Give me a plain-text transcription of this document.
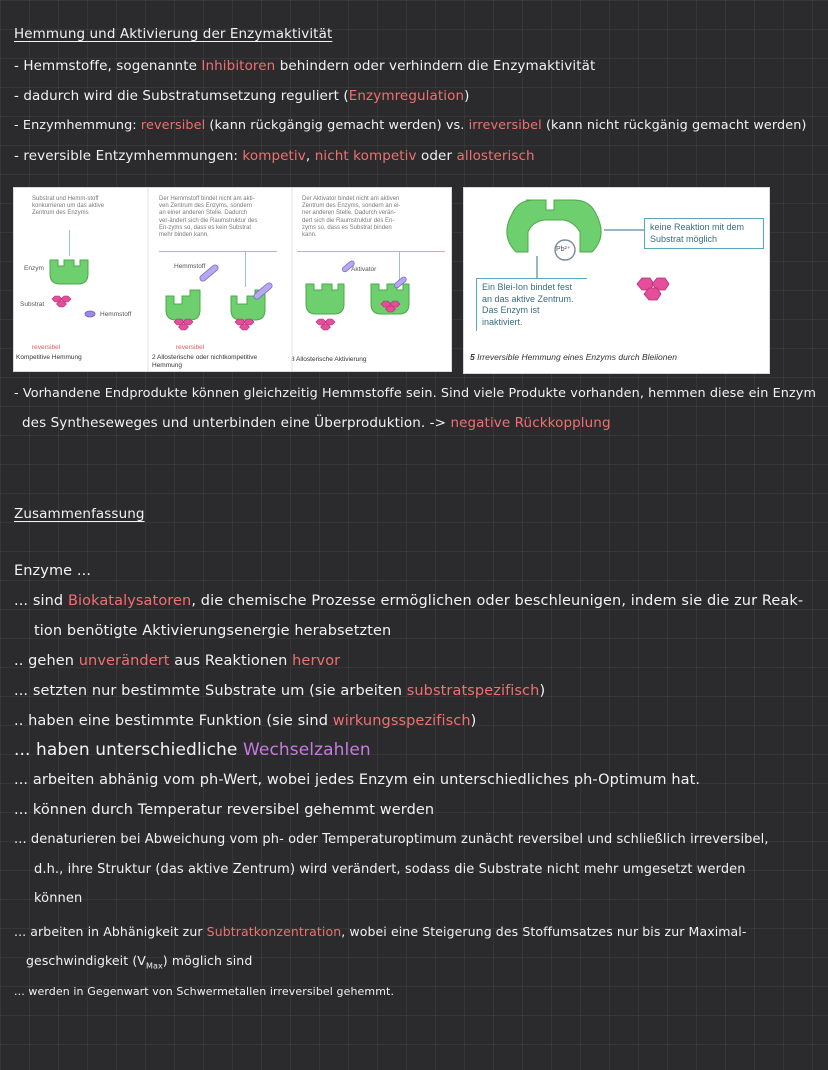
Hemmung und Aktivierung der Enzymaktivität
- Hemmstoffe, sogenannte Inhibitoren behindern oder verhindern die Enzymaktivität
- dadurch wird die Substratumsetzung reguliert (Enzymregulation)
- Enzymhemmung: reversibel (kann rückgängig gemacht werden) vs. irreversibel (kann nicht rückgänig gemacht werden)
- reversible Entzymhemmungen: kompetiv, nicht kompetiv oder allosterisch
Substrat und Hemm-stoff konkurrieren um das aktive Zentrum des Enzyms
Enzym
Substrat
Hemmstoff
reversibel
Kompetitive Hemmung
Der Hemmstoff bindet nicht am akti-ven Zentrum des Enzyms, sondern an einer anderen Stelle. Dadurch ver-ändert sich die Raumstruktur des En-zyms so, dass es kein Substrat mehr binden kann.
Hemmstoff
reversibel
2 Allosterische oder nichtkompetitive Hemmung
Der Aktivator bindet nicht am aktiven Zentrum des Enzyms, sondern an ei-ner anderen Stelle. Dadurch verän-dert sich die Raumstruktur des En-zyms so, dass es Substrat binden kann.
Aktivator
3 Allosterische Aktivierung
Pb²⁺
keine Reaktion mit dem Substrat möglich
Ein Blei-Ion bindet fest an das aktive Zentrum. Das Enzym ist inaktiviert.
5 Irreversible Hemmung eines Enzyms durch Bleiionen
- Vorhandene Endprodukte können gleichzeitig Hemmstoffe sein. Sind viele Produkte vorhanden, hemmen diese ein Enzym
des Syntheseweges und unterbinden eine Überproduktion. -> negative Rückkopplung
Zusammenfassung
Enzyme ...
... sind Biokatalysatoren, die chemische Prozesse ermöglichen oder beschleunigen, indem sie die zur Reak-
tion benötigte Aktivierungsenergie herabsetzten
.. gehen unverändert aus Reaktionen hervor
... setzten nur bestimmte Substrate um (sie arbeiten substratspezifisch)
.. haben eine bestimmte Funktion (sie sind wirkungsspezifisch)
... haben unterschiedliche Wechselzahlen
... arbeiten abhänig vom ph-Wert, wobei jedes Enzym ein unterschiedliches ph-Optimum hat.
... können durch Temperatur reversibel gehemmt werden
... denaturieren bei Abweichung vom ph- oder Temperaturoptimum zunächt reversibel und schließlich irreversibel,
d.h., ihre Struktur (das aktive Zentrum) wird verändert, sodass die Substrate nicht mehr umgesetzt werden
können
... arbeiten in Abhänigkeit zur Subtratkonzentration, wobei eine Steigerung des Stoffumsatzes nur bis zur Maximal-
geschwindigkeit $(V_{Max})$ möglich sind
... werden in Gegenwart von Schwermetallen irreversibel gehemmt.
